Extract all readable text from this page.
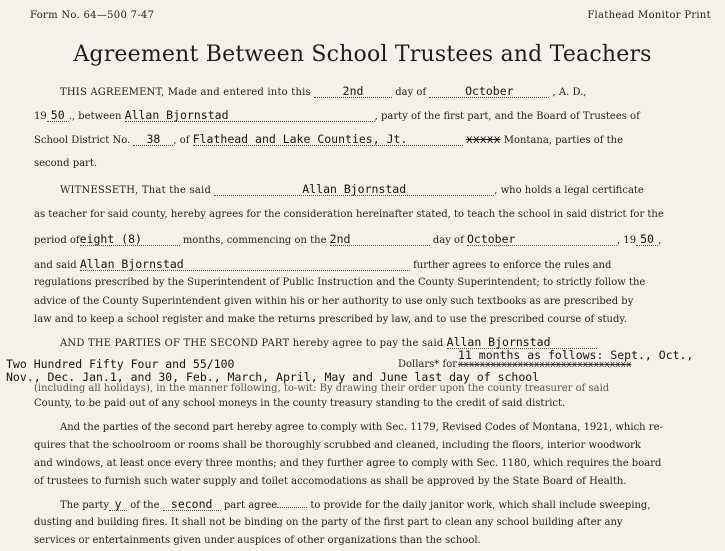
Form No. 64—500 7-47	Flathead Monitor Print
Agreement Between School Trustees and Teachers
THIS AGREEMENT, Made and entered into this	2nd	day of	October	, A. D.,
19 50 ., between Allan Bjornstad	, party of the first part, and the Board of Trustees of
School District No. 38 , of Flathead and Lake Counties, Jt.	xxxxx Montana, parties of the
second part.
WITNESSETH, That the said	Allan Bjornstad	, who holds a legal certificate
as teacher for said county, hereby agrees for the consideration hereinafter stated, to teach the school in said district for the
period ofeight (8)	months, commencing on the 2nd	day of October	, 19 50 ,
and said Allan Bjornstad	further agrees to enforce the rules and
regulations prescribed by the Superintendent of Public Instruction and the County Superintendent; to strictly follow the
advice of the County Superintendent given within his or her authority to use only such textbooks as are prescribed by
law and to keep a school register and make the returns prescribed by law, and to use the prescribed course of study.
AND THE PARTIES OF THE SECOND PART hereby agree to pay the said Allan Bjornstad
Two Hundred Fifty Four and 55/100	Dollars* for
11 months as follows: Sept., Oct.,
xxxxxxxxxxxxxxxxxxxxxxxxxxxxxxxx
(including all holidays), in the manner following, to-wit: By drawing their order upon the county treasurer of said
Nov., Dec. Jan.1, and 30, Feb., March, April, May and June last day of school
County, to be paid out of any school moneys in the county treasury standing to the credit of said district.
And the parties of the second part hereby agree to comply with Sec. 1179, Revised Codes of Montana, 1921, which re-
quires that the schoolroom or rooms shall be thoroughly scrubbed and cleaned, including the floors, interior woodwork
and windows, at least once every three months; and they further agree to comply with Sec. 1180, which requires the board
of trustees to furnish such water supply and toilet accomodations as shall be approved by the State Board of Health.
The party y of the second part agree	to provide for the daily janitor work, which shall include sweeping,
dusting and building fires. It shall not be binding on the party of the first part to clean any school building after any
services or entertainments given under auspices of other organizations than the school.
